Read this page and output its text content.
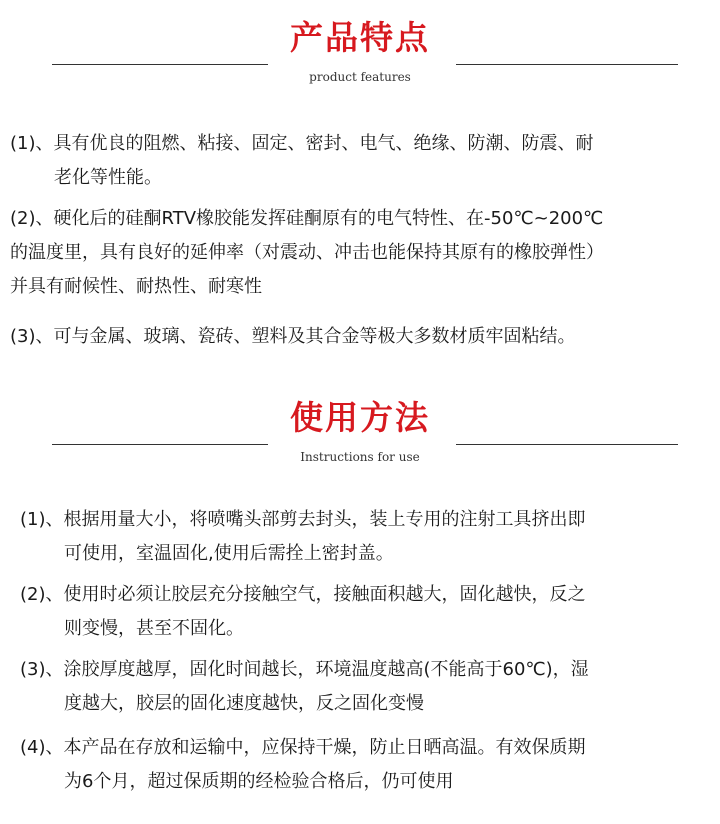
产品特点
product features
(1)、具有优良的阻燃、粘接、固定、密封、电气、绝缘、防潮、防震、耐
老化等性能。
(2)、硬化后的硅酮RTV橡胶能发挥硅酮原有的电气特性、在-50℃~200℃
的温度里，具有良好的延伸率（对震动、冲击也能保持其原有的橡胶弹性）
并具有耐候性、耐热性、耐寒性
(3)、可与金属、玻璃、瓷砖、塑料及其合金等极大多数材质牢固粘结。
使用方法
Instructions for use
(1)、根据用量大小，将喷嘴头部剪去封头，装上专用的注射工具挤出即
可使用，室温固化,使用后需拴上密封盖。
(2)、使用时必须让胶层充分接触空气，接触面积越大，固化越快，反之
则变慢，甚至不固化。
(3)、涂胶厚度越厚，固化时间越长，环境温度越高(不能高于60℃)，湿
度越大，胶层的固化速度越快，反之固化变慢
(4)、本产品在存放和运输中，应保持干燥，防止日晒高温。有效保质期
为6个月，超过保质期的经检验合格后，仍可使用
